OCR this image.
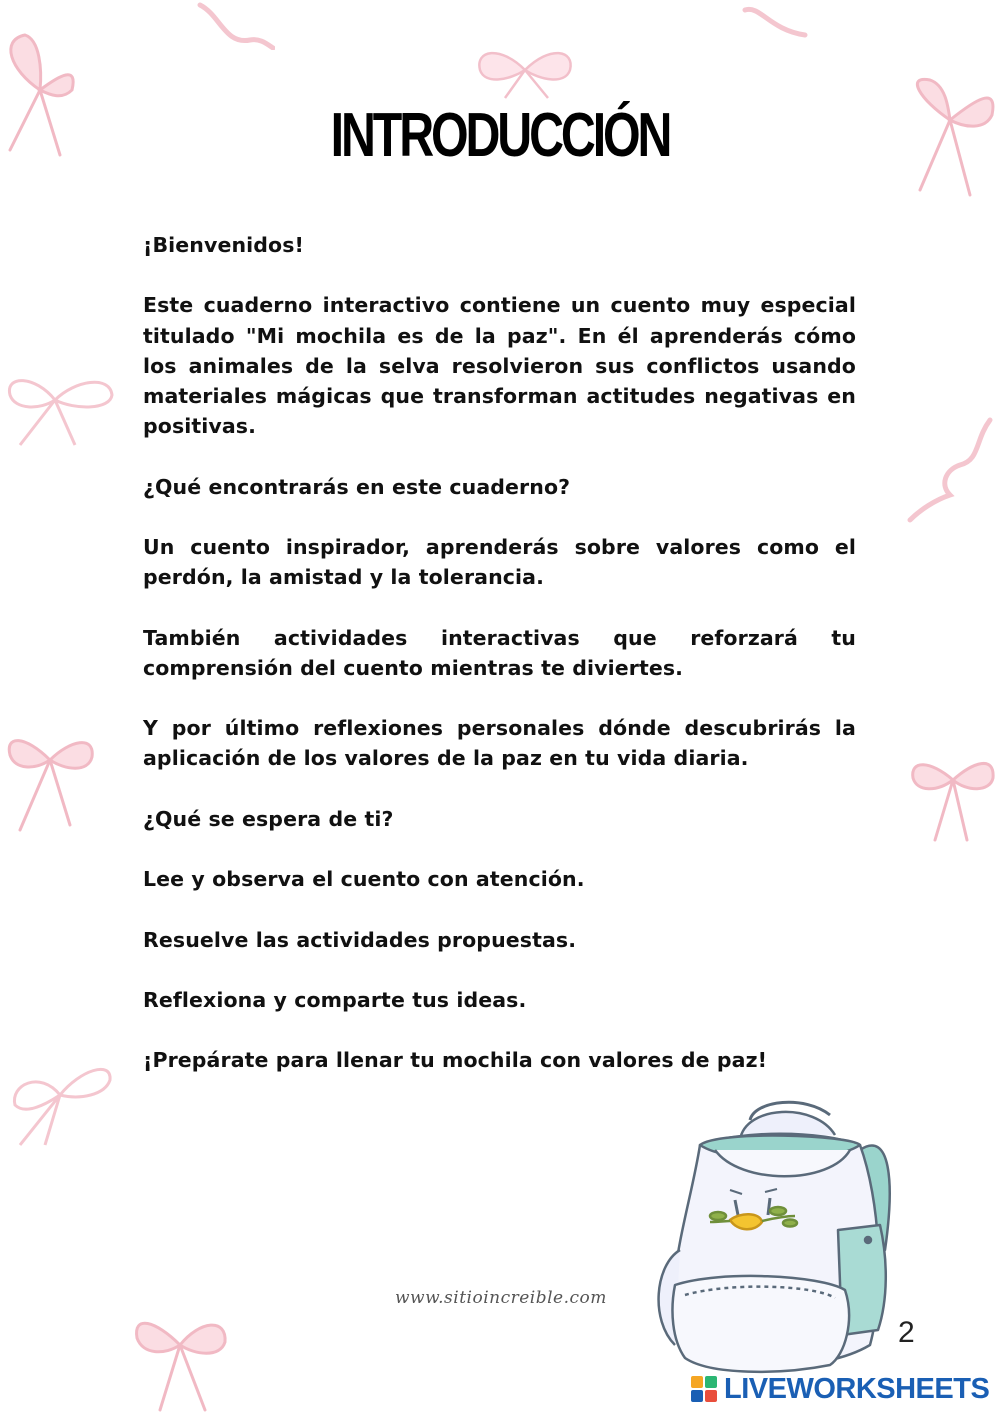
INTRODUCCIÓN

¡Bienvenidos!

Este cuaderno interactivo contiene un cuento muy especial titulado "Mi mochila es de la paz". En él aprenderás cómo los animales de la selva resolvieron sus conflictos usando materiales mágicas que transforman actitudes negativas en positivas.

¿Qué encontrarás en este cuaderno?

Un cuento inspirador, aprenderás sobre valores como el perdón, la amistad y la tolerancia.

También actividades interactivas que reforzará tu comprensión del cuento mientras te diviertes.

Y por último reflexiones personales dónde descubrirás la aplicación de los valores de la paz en tu vida diaria.

¿Qué se espera de ti?

Lee y observa el cuento con atención.

Resuelve las actividades propuestas.

Reflexiona y comparte tus ideas.

¡Prepárate para llenar tu mochila con valores de paz!

www.sitioincreible.com
2
LIVEWORKSHEETS
